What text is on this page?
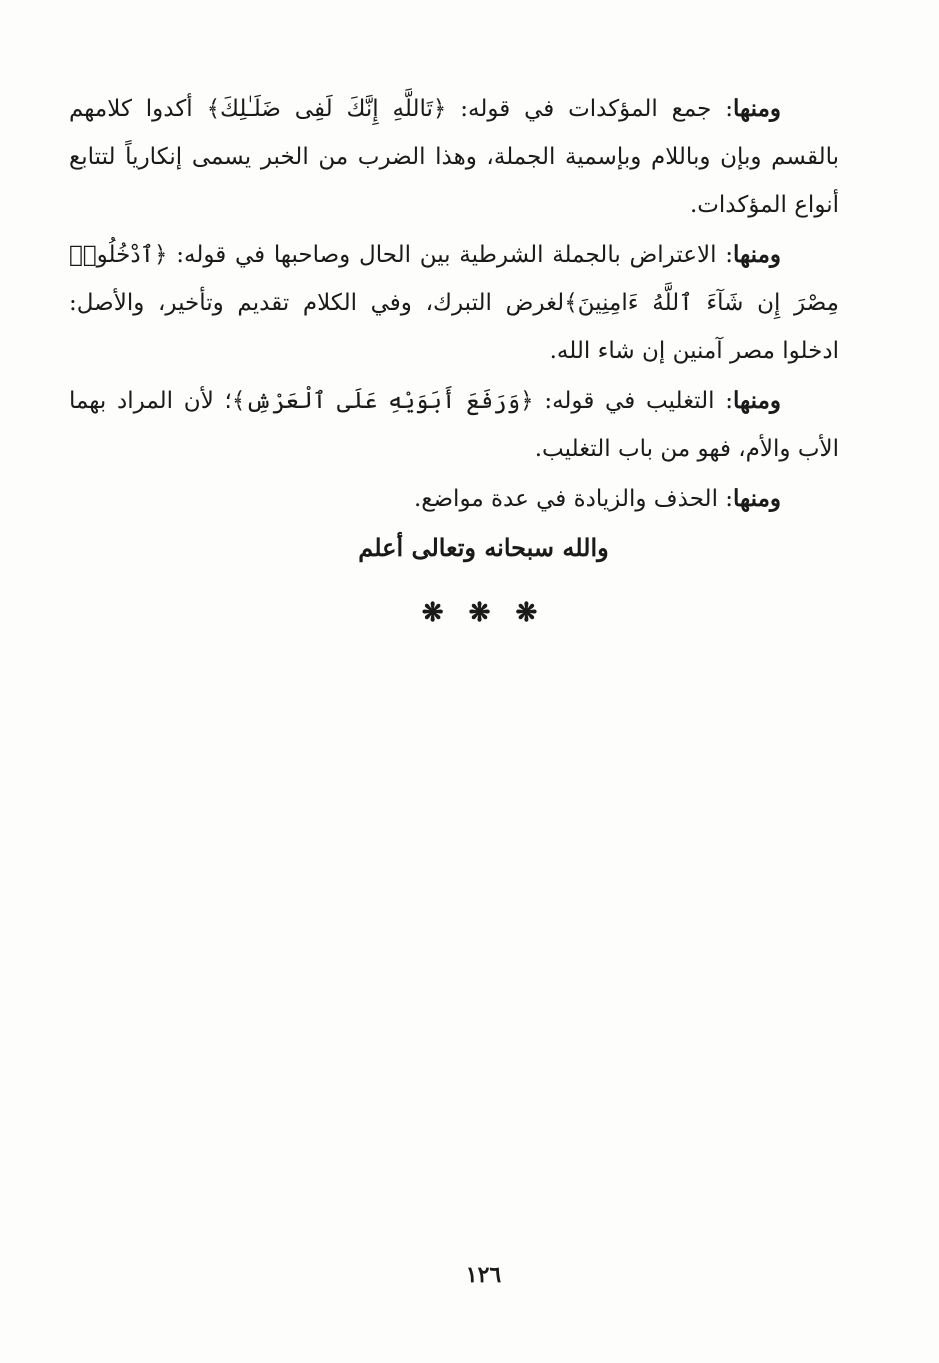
ومنها: جمع المؤكدات في قوله: ﴿تَاللَّهِ إِنَّكَ لَفِى ضَلَـٰلِكَ﴾ أكدوا كلامهم بالقسم وبإن وباللام وبإسمية الجملة، وهذا الضرب من الخبر يسمى إنكارياً لتتابع أنواع المؤكدات.

ومنها: الاعتراض بالجملة الشرطية بين الحال وصاحبها في قوله: ﴿ٱدْخُلُوا۟ مِصْرَ إِن شَآءَ ٱللَّهُ ءَامِنِينَ﴾لغرض التبرك، وفي الكلام تقديم وتأخير، والأصل: ادخلوا مصر آمنين إن شاء الله.

ومنها: التغليب في قوله: ﴿وَرَفَعَ أَبَوَيْهِ عَلَى ٱلْعَرْشِ﴾؛ لأن المراد بهما الأب والأم، فهو من باب التغليب.

ومنها: الحذف والزيادة في عدة مواضع.

والله سبحانه وتعالى أعلم
❋ ❋ ❋
١٢٦
